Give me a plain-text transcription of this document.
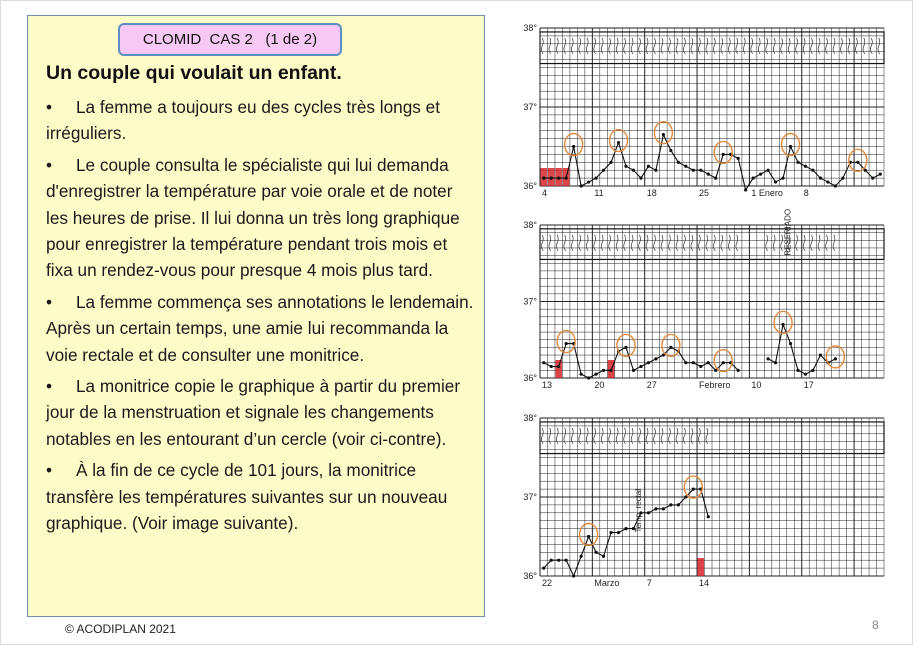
CLOMID  CAS 2   (1 de 2)
Un couple qui voulait un enfant.
• La femme a toujours eu des cycles très longs et irréguliers.
• Le couple consulta le spécialiste qui lui demanda d'enregistrer la température par voie orale et de noter les heures de prise. Il lui donna un très long graphique pour enregistrer la température pendant trois mois et fixa un rendez-vous pour presque 4 mois plus tard.
• La femme commença ses annotations le lendemain. Après un certain temps, une amie lui recommanda la voie rectale et de consulter une monitrice.
• La monitrice copie le graphique à partir du premier jour de la menstruation et signale les changements notables en les entourant d’un cercle (voir ci-contre).
• À la fin de ce cycle de 101 jours, la monitrice transfère les températures suivantes sur un nouveau graphique. (Voir image suivante).
38°
37°
36°
4	11	18	25	1 Enero 8
38°
37°
36°
13	20	27	Febrero 10	17
RESFRIADO
38°
37°
36°
22	Marzo	7	14
Temp. rectal
© ACODIPLAN 2021	8
